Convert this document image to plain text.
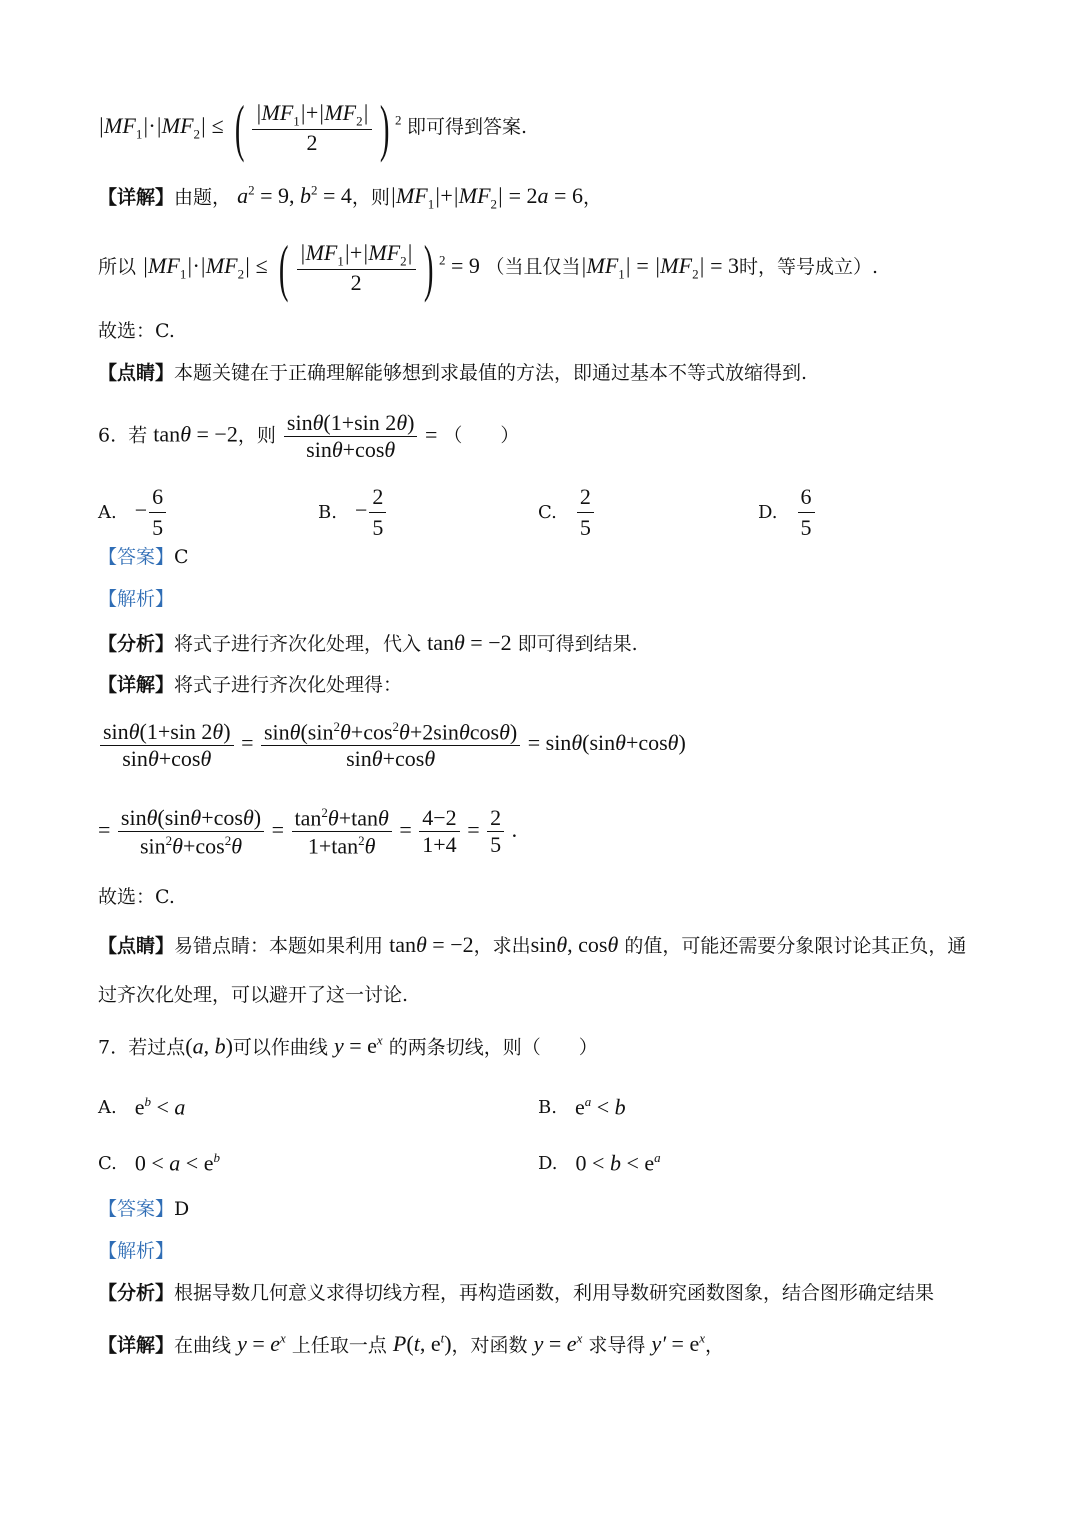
$|MF_1|\cdot|MF_2|$ ≤ ( $\frac{|MF_1|+|MF_2|}{2}$ ) $^2$ 即可得到答案.
【详解】由题， $a^2 = 9$, $b^2 = 4$，则$|MF_1|+|MF_2| = 2a = 6$，
所以 $|MF_1|\cdot|MF_2|$ ≤ ( $\frac{|MF_1|+|MF_2|}{2}$ ) $^2$ = 9 （当且仅当$|MF_1| = |MF_2| = 3$时，等号成立）.
故选：C.
【点睛】本题关键在于正确理解能够想到求最值的方法，即通过基本不等式放缩得到.
6. 若 tanθ = −2，则 $\frac{\sin\theta(1+\sin 2\theta)}{\sin\theta+\cos\theta}$ = （　　）
A. − $\frac{6}{5}$	B. − $\frac{2}{5}$	C. $\frac{2}{5}$	D. $\frac{6}{5}$
【答案】C
【解析】
【分析】将式子进行齐次化处理，代入 tanθ = −2 即可得到结果.
【详解】将式子进行齐次化处理得：
$\frac{\sin\theta(1+\sin 2\theta)}{\sin\theta+\cos\theta} = \frac{\sin\theta(\sin^2\theta+\cos^2\theta+2\sin\theta\cos\theta)}{\sin\theta+\cos\theta} = \sin\theta(\sin\theta+\cos\theta)$
= $\frac{\sin\theta(\sin\theta+\cos\theta)}{\sin^2\theta+\cos^2\theta} = \frac{\tan^2\theta+\tan\theta}{1+\tan^2\theta} = \frac{4-2}{1+4} = \frac{2}{5}$ .
故选：C.
【点睛】易错点睛：本题如果利用 tanθ = −2，求出sinθ, cosθ 的值，可能还需要分象限讨论其正负，通
过齐次化处理，可以避开了这一讨论.
7. 若过点(a, b)可以作曲线 $y = e^x$ 的两条切线，则（　　）
A. $e^b < a$	B. $e^a < b$
C. $0 < a < e^b$	D. $0 < b < e^a$
【答案】D
【解析】
【分析】根据导数几何意义求得切线方程，再构造函数，利用导数研究函数图象，结合图形确定结果
【详解】在曲线 $y = e^x$ 上任取一点 P(t, $e^t$)，对函数 $y = e^x$ 求导得 $y' = e^x$，
